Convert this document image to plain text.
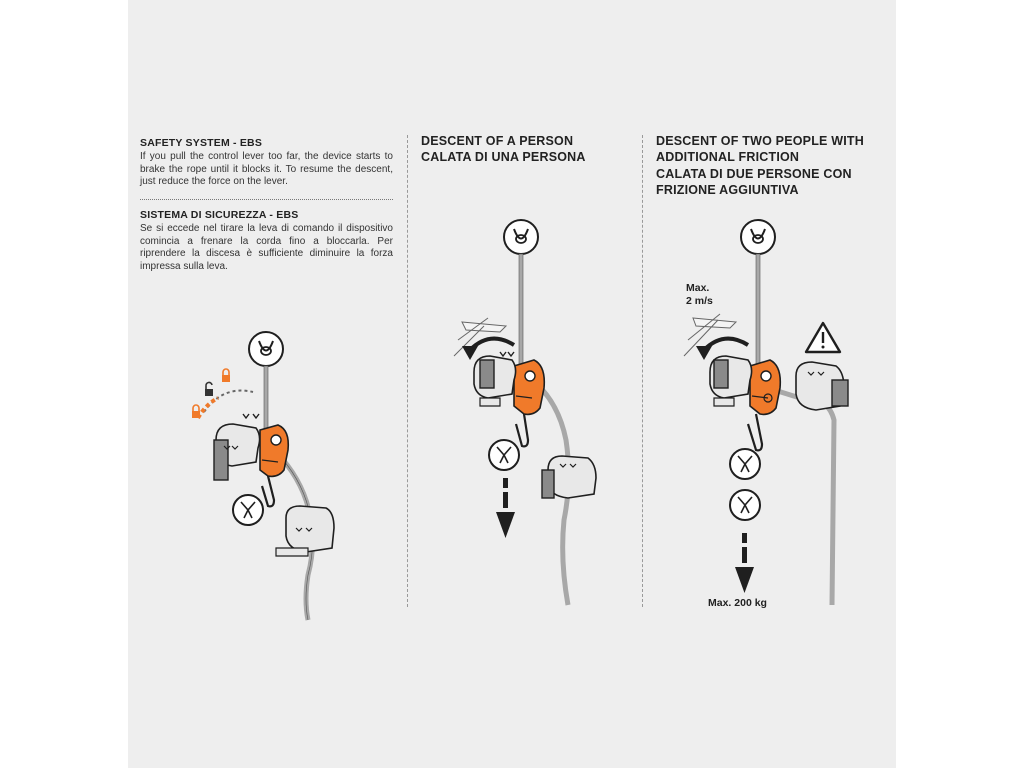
SAFETY SYSTEM - EBS
If you pull the control lever too far, the device starts to brake the rope until it blocks it. To resume the descent, just reduce the force on the lever.
SISTEMA DI SICUREZZA - EBS
Se si eccede nel tirare la leva di comando il dispositivo comincia a frenare la corda fino a bloccarla. Per riprendere la discesa è sufficiente diminuire la forza impressa sulla leva.
DESCENT OF A PERSON
CALATA DI UNA PERSONA
DESCENT OF TWO PEOPLE WITH
ADDITIONAL FRICTION
CALATA DI DUE PERSONE CON
FRIZIONE AGGIUNTIVA
Max.
2 m/s
Max. 200 kg
